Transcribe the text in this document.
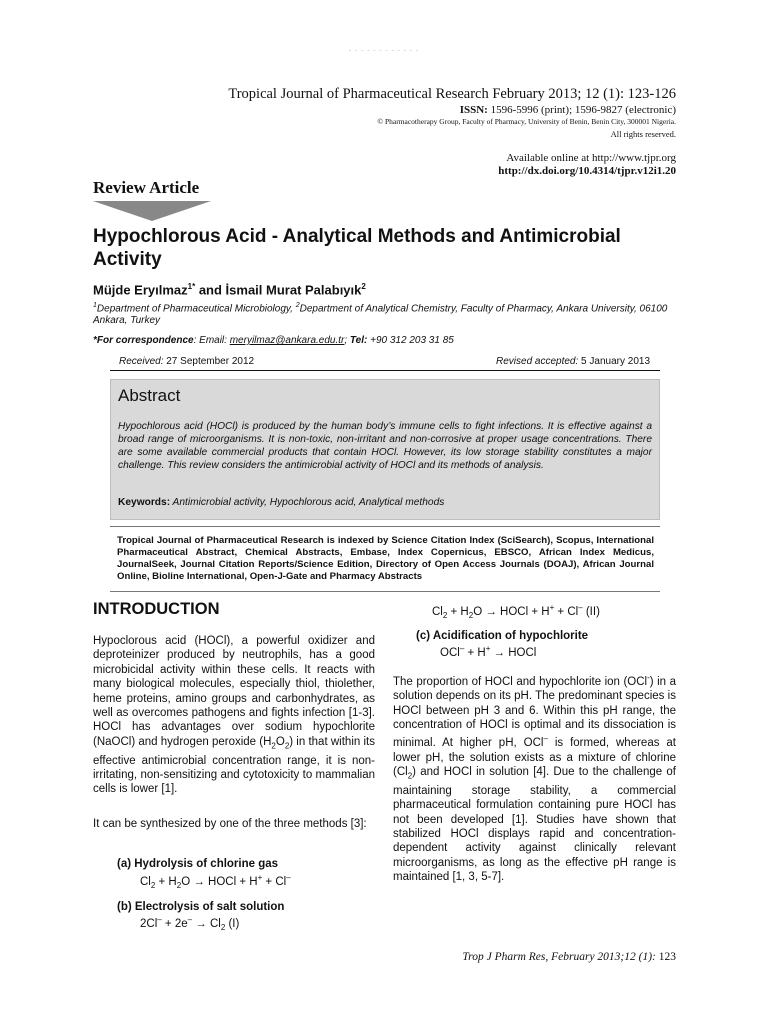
- - - - - - - - - - - -
Tropical Journal of Pharmaceutical Research February 2013; 12 (1): 123-126
ISSN: 1596-5996 (print); 1596-9827 (electronic)
© Pharmacotherapy Group, Faculty of Pharmacy, University of Benin, Benin City, 300001 Nigeria.
All rights reserved.
Available online at http://www.tjpr.org
http://dx.doi.org/10.4314/tjpr.v12i1.20
Review Article
Hypochlorous Acid - Analytical Methods and Antimicrobial Activity
Müjde Eryılmaz$^{1*}$ and İsmail Murat Palabıyık$^2$
$^1$Department of Pharmaceutical Microbiology, $^2$Department of Analytical Chemistry, Faculty of Pharmacy, Ankara University, 06100 Ankara, Turkey
*For correspondence: Email: meryilmaz@ankara.edu.tr; Tel: +90 312 203 31 85
Received: 27 September 2012	Revised accepted: 5 January 2013
Abstract
Hypochlorous acid (HOCl) is produced by the human body’s immune cells to fight infections. It is effective against a broad range of microorganisms. It is non-toxic, non-irritant and non-corrosive at proper usage concentrations. There are some available commercial products that contain HOCl. However, its low storage stability constitutes a major challenge. This review considers the antimicrobial activity of HOCl and its methods of analysis.
Keywords: Antimicrobial activity, Hypochlorous acid, Analytical methods
Tropical Journal of Pharmaceutical Research is indexed by Science Citation Index (SciSearch), Scopus, International Pharmaceutical Abstract, Chemical Abstracts, Embase, Index Copernicus, EBSCO, African Index Medicus, JournalSeek, Journal Citation Reports/Science Edition, Directory of Open Access Journals (DOAJ), African Journal Online, Bioline International, Open-J-Gate and Pharmacy Abstracts
INTRODUCTION
Hypoclorous acid (HOCl), a powerful oxidizer and deproteinizer produced by neutrophils, has a good microbicidal activity within these cells. It reacts with many biological molecules, especially thiol, thiolether, heme proteins, amino groups and carbonhydrates, as well as overcomes pathogens and fights infection [1-3]. HOCl has advantages over sodium hypochlorite (NaOCl) and hydrogen peroxide $(H_2O_2)$ in that within its effective antimicrobial concentration range, it is non-irritating, non-sensitizing and cytotoxicity to mammalian cells is lower [1].
It can be synthesized by one of the three methods [3]:
(a) Hydrolysis of chlorine gas
$Cl_2 + H_2O$ → HOCl + H+ + Cl–
(b) Electrolysis of salt solution
$2Cl^- + 2e^- \to Cl_2$ (I)
$Cl_2 + H_2O$ → HOCl + H+ + Cl– (II)
(c) Acidification of hypochlorite
OCl– + H+ → HOCl
The proportion of HOCl and hypochlorite ion (OCl-) in a solution depends on its pH. The predominant species is HOCl between pH 3 and 6. Within this pH range, the concentration of HOCl is optimal and its dissociation is minimal. At higher pH, OCl– is formed, whereas at lower pH, the solution exists as a mixture of chlorine $(Cl_2)$ and HOCl in solution [4]. Due to the challenge of maintaining storage stability, a commercial pharmaceutical formulation containing pure HOCl has not been developed [1]. Studies have shown that stabilized HOCl displays rapid and concentration-dependent activity against clinically relevant microorganisms, as long as the effective pH range is maintained [1, 3, 5-7].
Trop J Pharm Res, February 2013;12 (1): 123
